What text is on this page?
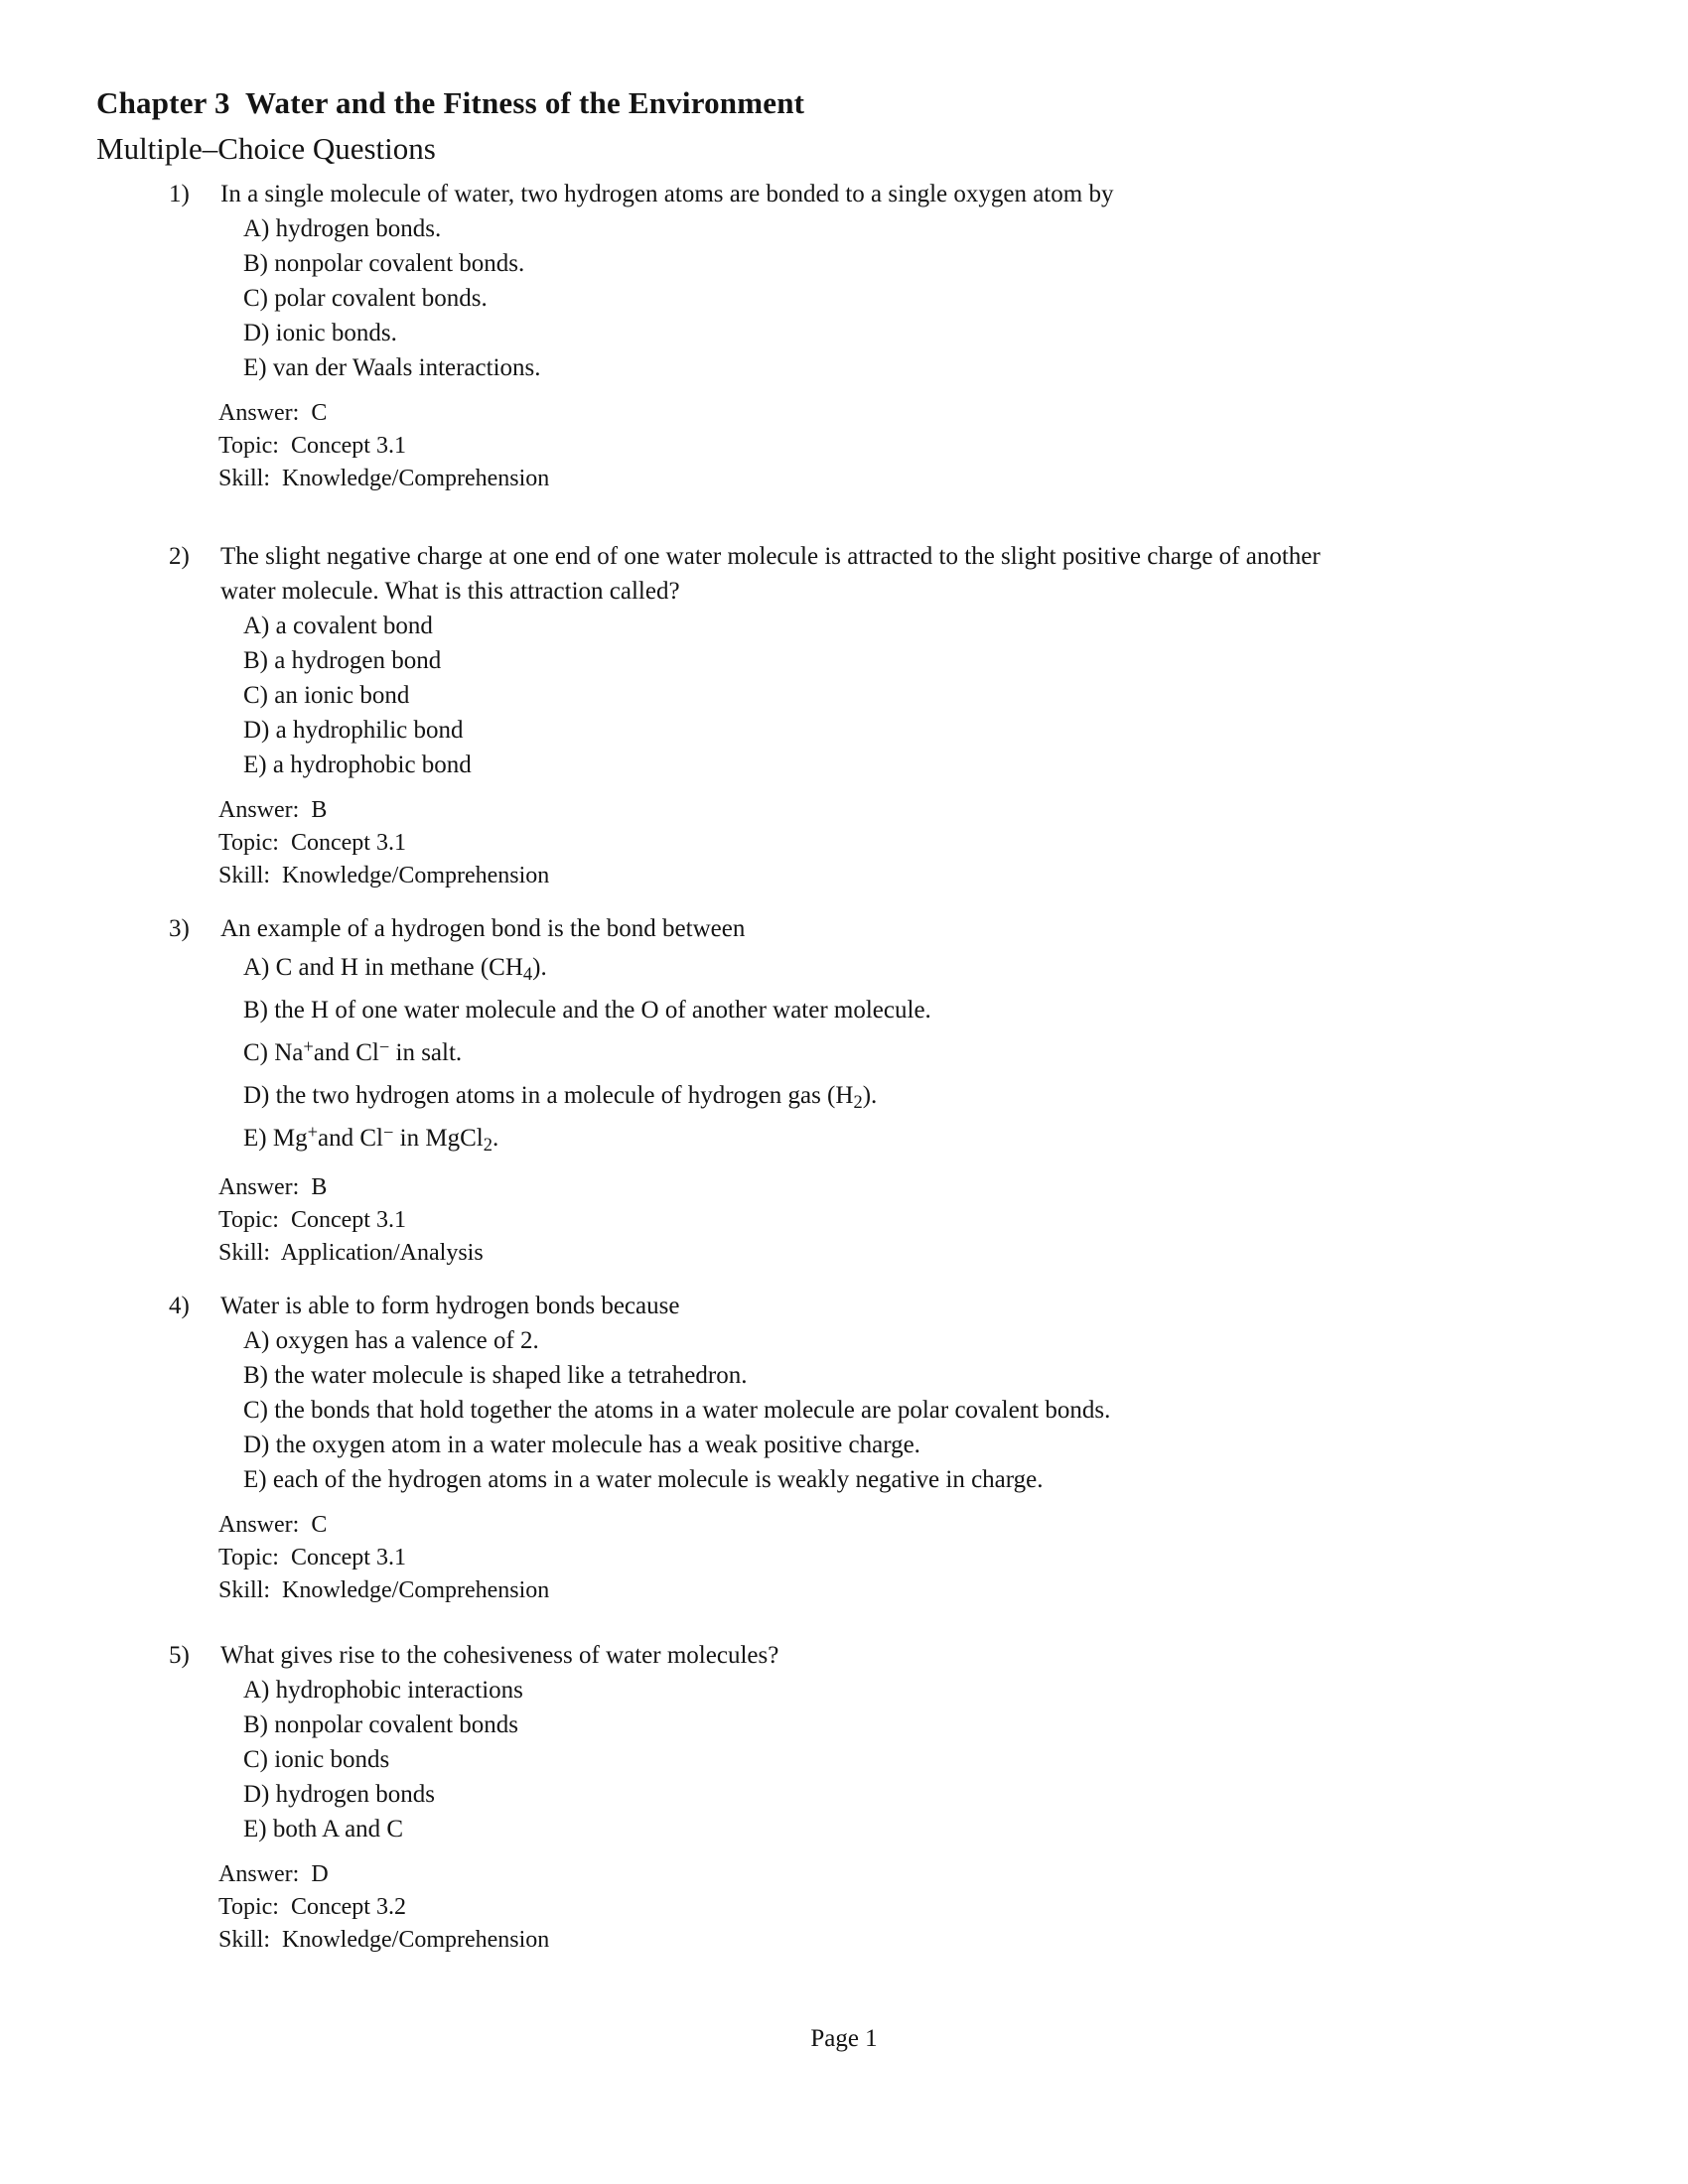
Chapter 3  Water and the Fitness of the Environment
Multiple–Choice Questions
1) In a single molecule of water, two hydrogen atoms are bonded to a single oxygen atom by
A) hydrogen bonds.
B) nonpolar covalent bonds.
C) polar covalent bonds.
D) ionic bonds.
E) van der Waals interactions.
Answer:  C
Topic:  Concept 3.1
Skill:  Knowledge/Comprehension
2) The slight negative charge at one end of one water molecule is attracted to the slight positive charge of another
water molecule. What is this attraction called?
A) a covalent bond
B) a hydrogen bond
C) an ionic bond
D) a hydrophilic bond
E) a hydrophobic bond
Answer:  B
Topic:  Concept 3.1
Skill:  Knowledge/Comprehension
3) An example of a hydrogen bond is the bond between
A) C and H in methane $(CH_4)$.
B) the H of one water molecule and the O of another water molecule.
C) Na+and Cl− in salt.
D) the two hydrogen atoms in a molecule of hydrogen gas $(H_2)$.
E) Mg+and Cl− in MgCl$_2$.
Answer:  B
Topic:  Concept 3.1
Skill:  Application/Analysis
4) Water is able to form hydrogen bonds because
A) oxygen has a valence of 2.
B) the water molecule is shaped like a tetrahedron.
C) the bonds that hold together the atoms in a water molecule are polar covalent bonds.
D) the oxygen atom in a water molecule has a weak positive charge.
E) each of the hydrogen atoms in a water molecule is weakly negative in charge.
Answer:  C
Topic:  Concept 3.1
Skill:  Knowledge/Comprehension
5) What gives rise to the cohesiveness of water molecules?
A) hydrophobic interactions
B) nonpolar covalent bonds
C) ionic bonds
D) hydrogen bonds
E) both A and C
Answer:  D
Topic:  Concept 3.2
Skill:  Knowledge/Comprehension
Page 1
